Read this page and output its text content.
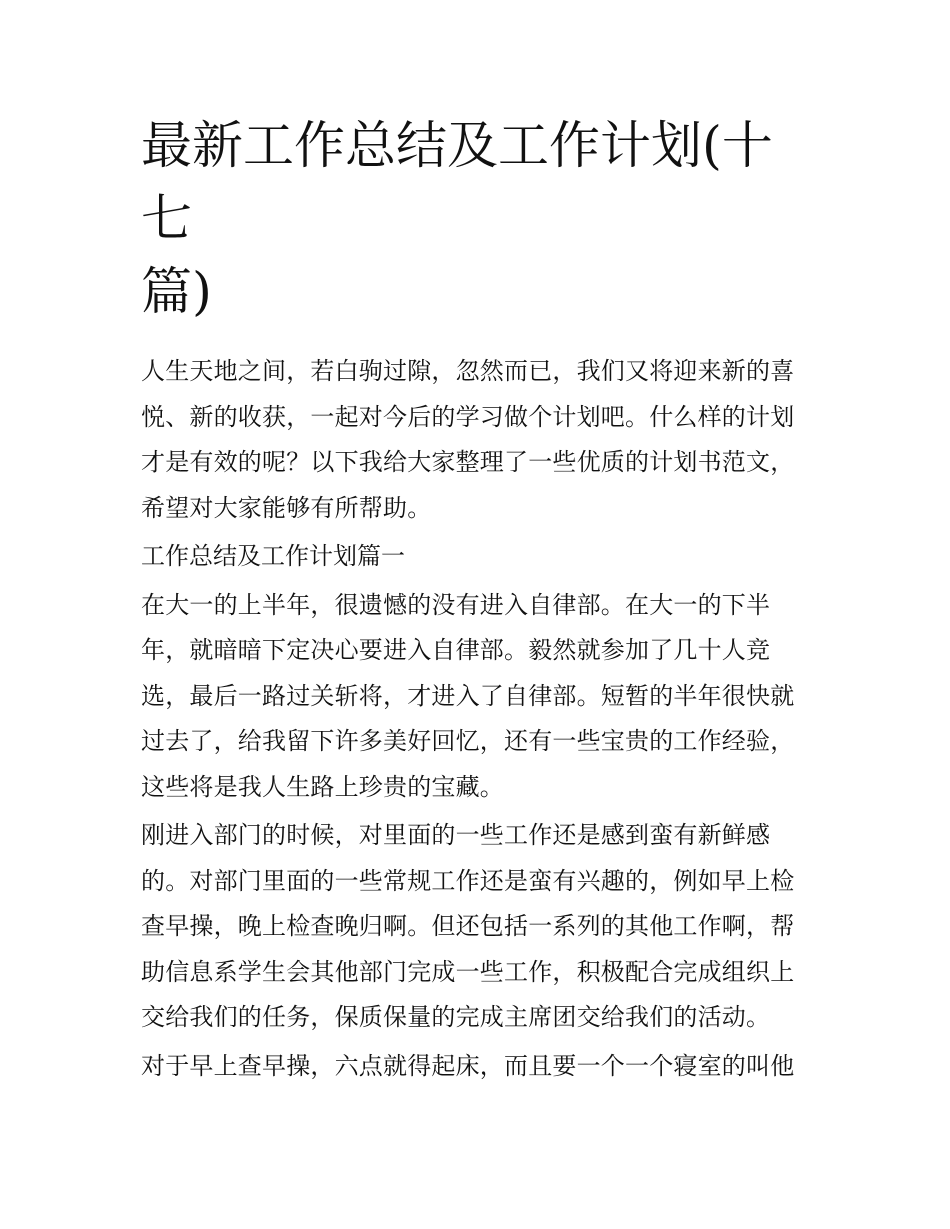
最新工作总结及工作计划(十七
篇)
人生天地之间，若白驹过隙，忽然而已，我们又将迎来新的喜
悦、新的收获，一起对今后的学习做个计划吧。什么样的计划
才是有效的呢？以下我给大家整理了一些优质的计划书范文，
希望对大家能够有所帮助。
工作总结及工作计划篇一
在大一的上半年，很遗憾的没有进入自律部。在大一的下半
年，就暗暗下定决心要进入自律部。毅然就参加了几十人竞
选，最后一路过关斩将，才进入了自律部。短暂的半年很快就
过去了，给我留下许多美好回忆，还有一些宝贵的工作经验，
这些将是我人生路上珍贵的宝藏。
刚进入部门的时候，对里面的一些工作还是感到蛮有新鲜感
的。对部门里面的一些常规工作还是蛮有兴趣的，例如早上检
查早操，晚上检查晚归啊。但还包括一系列的其他工作啊，帮
助信息系学生会其他部门完成一些工作，积极配合完成组织上
交给我们的任务，保质保量的完成主席团交给我们的活动。
对于早上查早操，六点就得起床，而且要一个一个寝室的叫他
